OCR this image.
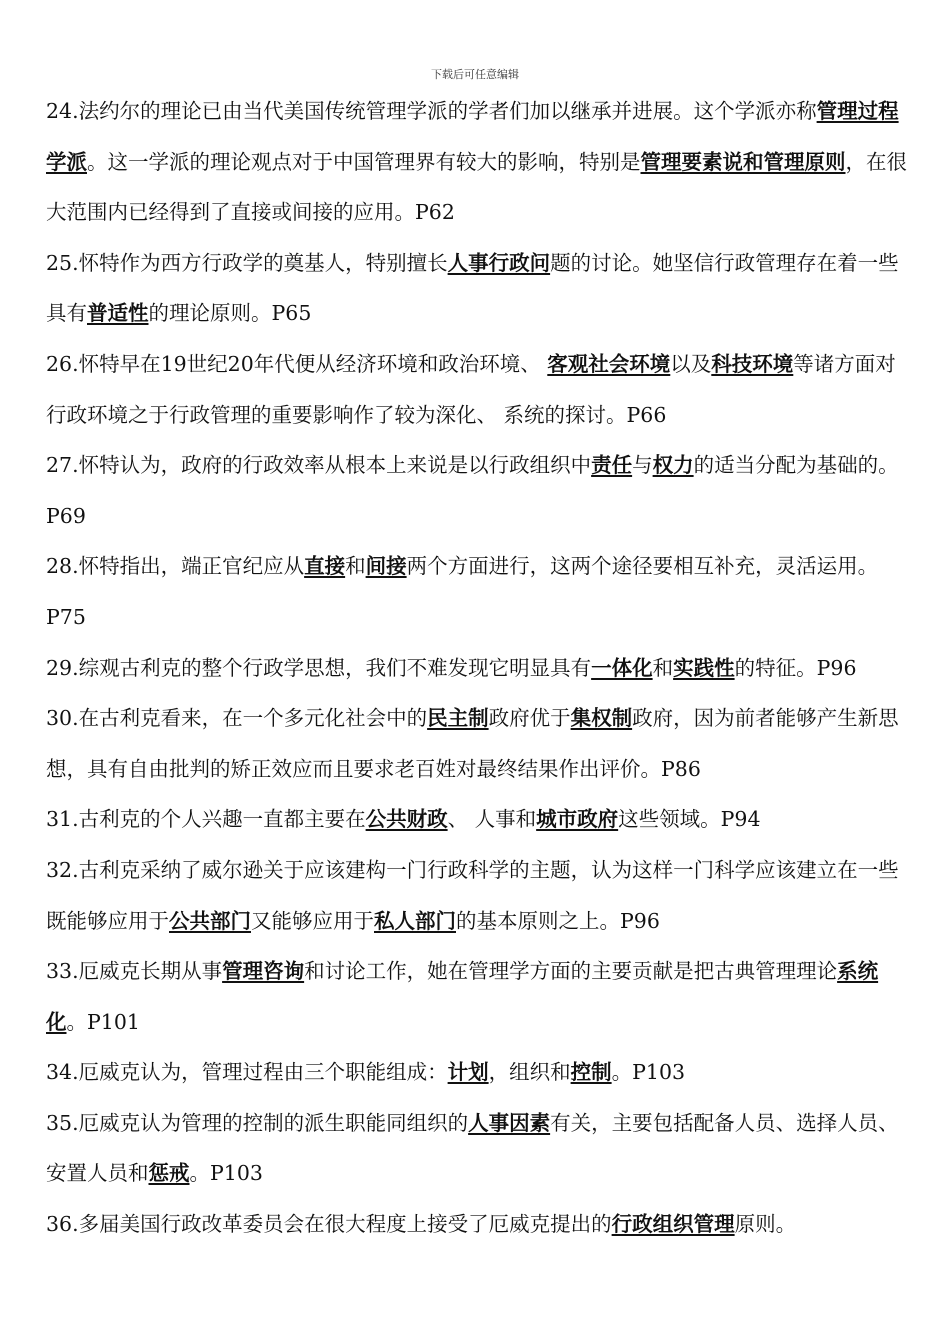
下载后可任意编辑

24.法约尔的理论已由当代美国传统管理学派的学者们加以继承并进展。这个学派亦称管理过程学派。这一学派的理论观点对于中国管理界有较大的影响，特别是管理要素说和管理原则，在很大范围内已经得到了直接或间接的应用。P62

25.怀特作为西方行政学的奠基人，特别擅长人事行政问题的讨论。她坚信行政管理存在着一些具有普适性的理论原则。P65

26.怀特早在19世纪20年代便从经济环境和政治环境、 客观社会环境以及科技环境等诸方面对行政环境之于行政管理的重要影响作了较为深化、 系统的探讨。P66

27.怀特认为，政府的行政效率从根本上来说是以行政组织中责任与权力的适当分配为基础的。P69

28.怀特指出，端正官纪应从直接和间接两个方面进行，这两个途径要相互补充，灵活运用。P75

29.综观古利克的整个行政学思想，我们不难发现它明显具有一体化和实践性的特征。P96

30.在古利克看来，在一个多元化社会中的民主制政府优于集权制政府，因为前者能够产生新思想，具有自由批判的矫正效应而且要求老百姓对最终结果作出评价。P86

31.古利克的个人兴趣一直都主要在公共财政、 人事和城市政府这些领域。P94

32.古利克采纳了威尔逊关于应该建构一门行政科学的主题，认为这样一门科学应该建立在一些既能够应用于公共部门又能够应用于私人部门的基本原则之上。P96

33.厄威克长期从事管理咨询和讨论工作，她在管理学方面的主要贡献是把古典管理理论系统化。P101

34.厄威克认为，管理过程由三个职能组成：计划，组织和控制。P103

35.厄威克认为管理的控制的派生职能同组织的人事因素有关，主要包括配备人员、选择人员、 安置人员和惩戒。P103

36.多届美国行政改革委员会在很大程度上接受了厄威克提出的行政组织管理原则。
